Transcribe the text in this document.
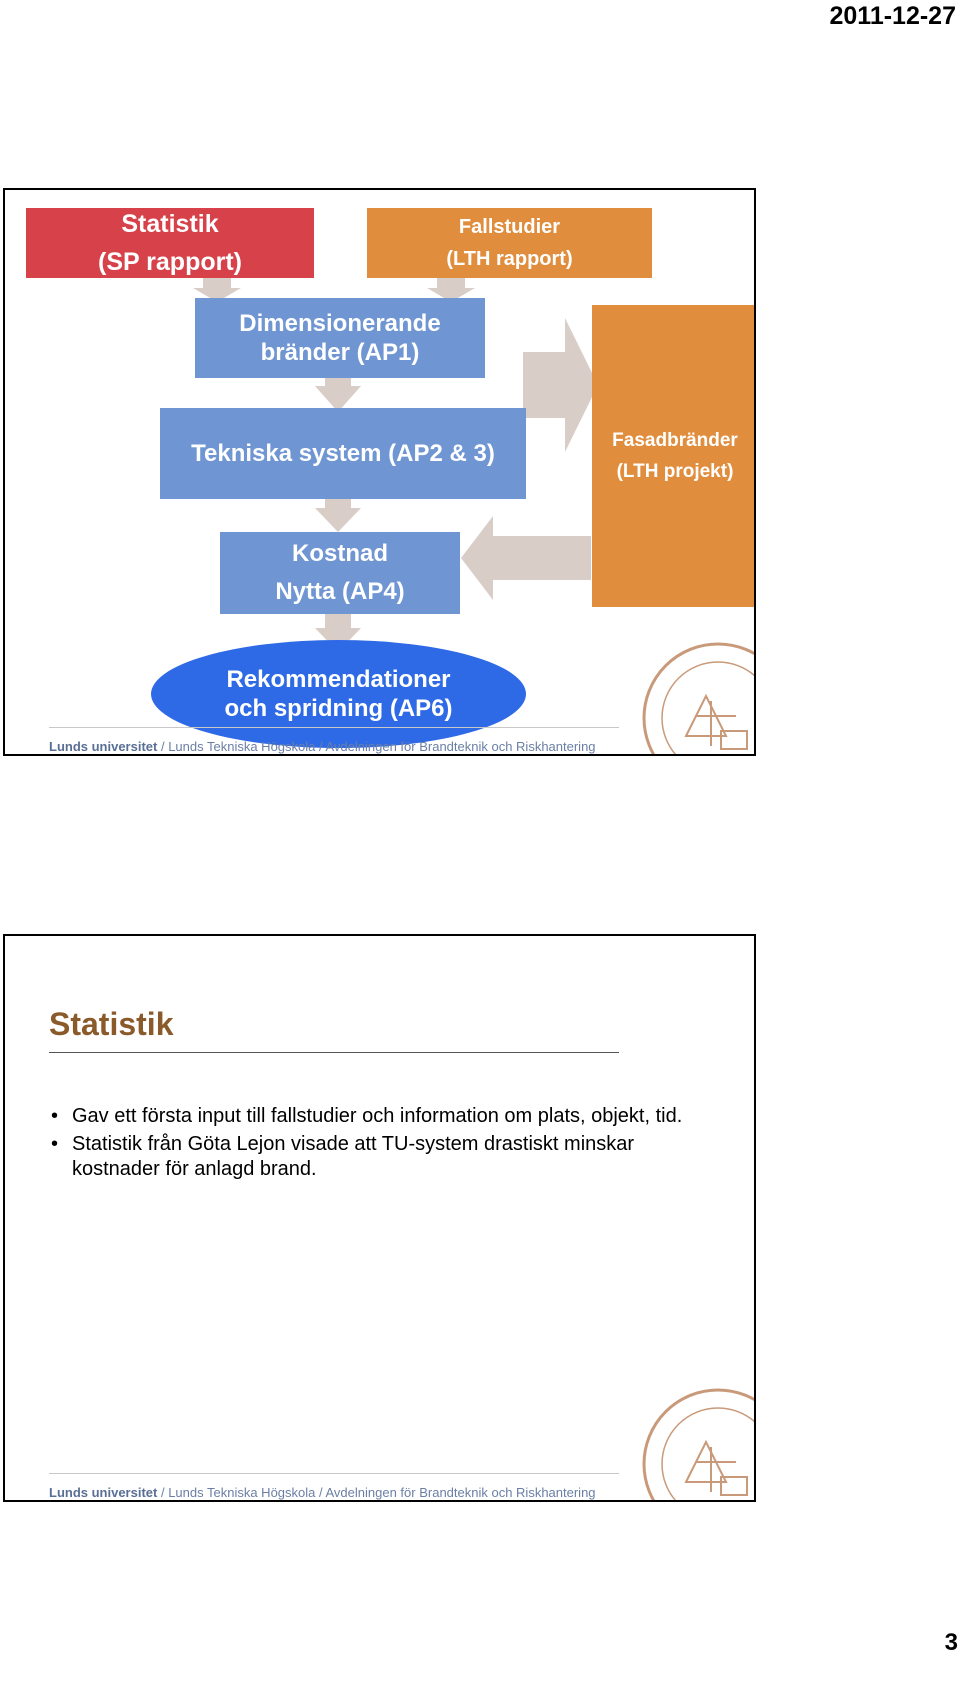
2011-12-27
Statistik
(SP rapport)
Fallstudier
(LTH rapport)
Dimensionerande
bränder (AP1)
Tekniska system (AP2 & 3)	Fasadbränder
(LTH projekt)
Kostnad
Nytta (AP4)
Rekommendationer
och spridning (AP6)
Lunds universitet / Lunds Tekniska Högskola / Avdelningen för Brandteknik och Riskhantering
Statistik
• Gav ett första input till fallstudier och information om plats, objekt, tid.
• Statistik från Göta Lejon visade att TU-system drastiskt minskar kostnader för anlagd brand.
Lunds universitet / Lunds Tekniska Högskola / Avdelningen för Brandteknik och Riskhantering
3
